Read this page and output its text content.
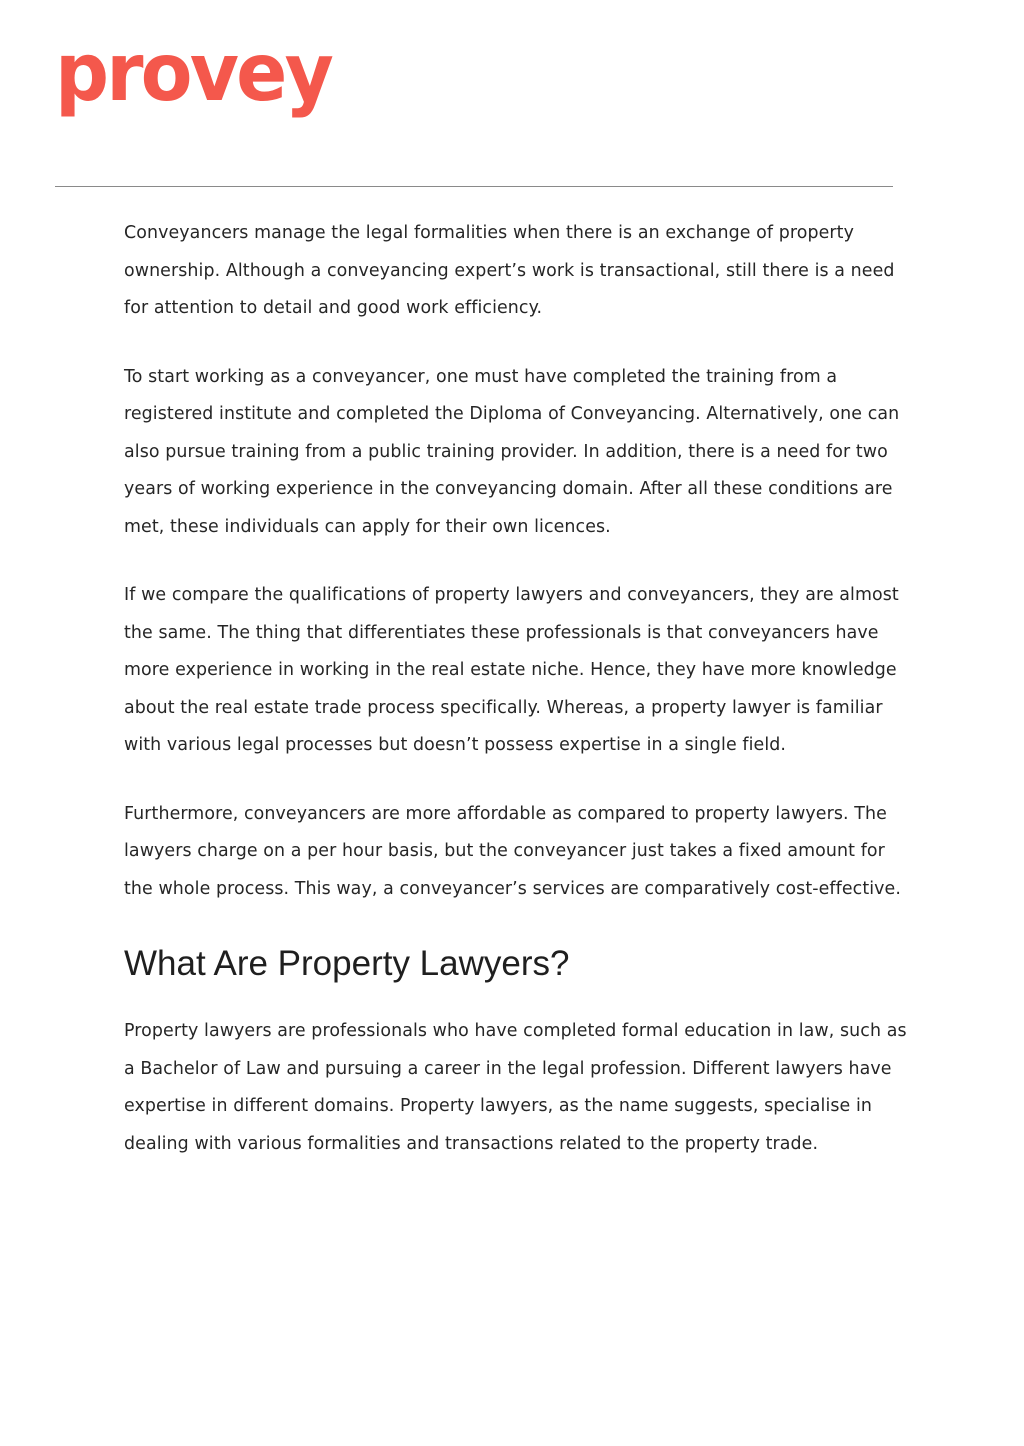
provey

Conveyancers manage the legal formalities when there is an exchange of property ownership. Although a conveyancing expert’s work is transactional, still there is a need for attention to detail and good work efficiency.

To start working as a conveyancer, one must have completed the training from a registered institute and completed the Diploma of Conveyancing. Alternatively, one can also pursue training from a public training provider. In addition, there is a need for two years of working experience in the conveyancing domain. After all these conditions are met, these individuals can apply for their own licences.

If we compare the qualifications of property lawyers and conveyancers, they are almost the same. The thing that differentiates these professionals is that conveyancers have more experience in working in the real estate niche. Hence, they have more knowledge about the real estate trade process specifically. Whereas, a property lawyer is familiar with various legal processes but doesn’t possess expertise in a single field.

Furthermore, conveyancers are more affordable as compared to property lawyers. The lawyers charge on a per hour basis, but the conveyancer just takes a fixed amount for the whole process. This way, a conveyancer’s services are comparatively cost-effective.

What Are Property Lawyers?

Property lawyers are professionals who have completed formal education in law, such as a Bachelor of Law and pursuing a career in the legal profession. Different lawyers have expertise in different domains. Property lawyers, as the name suggests, specialise in dealing with various formalities and transactions related to the property trade.
